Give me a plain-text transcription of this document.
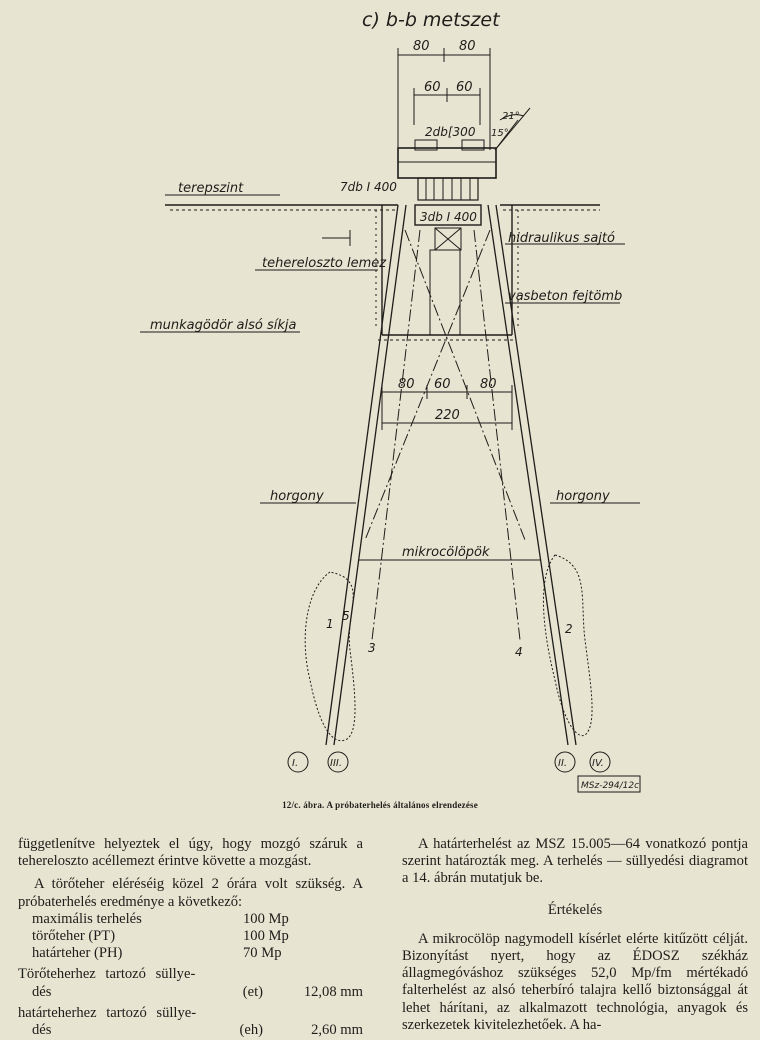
c) b-b metszet
80 80
60 60
21°
15°
2db[300
7db I 400
3db I 400
terepszint
hidraulikus sajtó
tehereloszto lemez
vasbeton fejtömb
munkagödör alsó síkja
80 60 80
220
horgony	horgony
mikrocölöpök
1
5
3	4
2
I.	III.	II. IV.
MSz-294/12c
12/c. ábra. A próbaterhelés általános elrendezése

függetlenítve helyeztek el úgy, hogy mozgó száruk a tehereloszto acéllemezt érintve követte a mozgást.

A törőteher eléréséig közel 2 órára volt szükség. A próbaterhelés eredménye a következő:

maximális terhelés	100 Mp
törőteher (PT)	100 Mp
határteher (PH)	70 Mp

Törőteherhez tartozó süllye-

dés	(et)	12,08 mm

határteherhez tartozó süllye-

dés	(eh)	2,60 mm

A határterhelést az MSZ 15.005—64 vonatkozó pontja szerint határozták meg. A terhelés — süllyedési diagramot a 14. ábrán mutatjuk be.

Értékelés

A mikrocölöp nagymodell kísérlet elérte kitűzött célját. Bizonyítást nyert, hogy az ÉDOSZ székház állagmegóváshoz szükséges 52,0 Mp/fm mértékadó falterhelést az alsó teherbíró talajra kellő biztonsággal át lehet hárítani, az alkalmazott technológia, anyagok és szerkezetek kivitelezhetőek. A ha-
